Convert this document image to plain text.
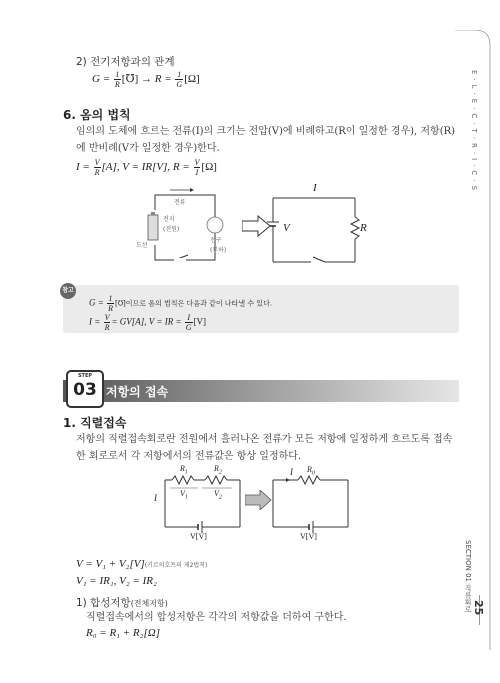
E·L·E·C·T·R·I·C·S
SECTION 01 직류회로 25
2) 전기저항과의 관계
$G = \frac{1}{R}$ [℧] → $R = \frac{1}{G} [\Omega]$
6. 옴의 법칙
임의의 도체에 흐르는 전류(I)의 크기는 전압(V)에 비례하고(R이 일정한 경우), 저항(R)에 반비례(V가 일정한 경우)한다.
$I = \frac{V}{R} [A]$, V = IR[V], $R = \frac{V}{I} [\Omega]$
전류
전지
(전원)
도선
전구
(부하)
I
V	R
참고
$G = \frac{1}{R}$ [℧]이므로 옴의 법칙은 다음과 같이 나타낼 수 있다.
$I = \frac{V}{R} = GV[A]$, V = IR = $\frac{I}{G} [V]$
STEP
03 저항의 접속
1. 직렬접속
저항의 직렬접속회로란 전원에서 흘러나온 전류가 모든 저항에 일정하게 흐르도록 접속한 회로로서 각 저항에서의 전류값은 항상 일정하다.
$R_1$	$R_2$
$V_1$	$V_2$
I
V[V]
I $R_0$
V[V]
V = V₁ + V₂[V](키르히호프의 제2법칙)
V₁ = IR₁, V₂ = IR₂
1) 합성저항(전체저항)
직렬접속에서의 합성저항은 각각의 저항값을 더하여 구한다.
R₀ = R₁ + R₂[Ω]
